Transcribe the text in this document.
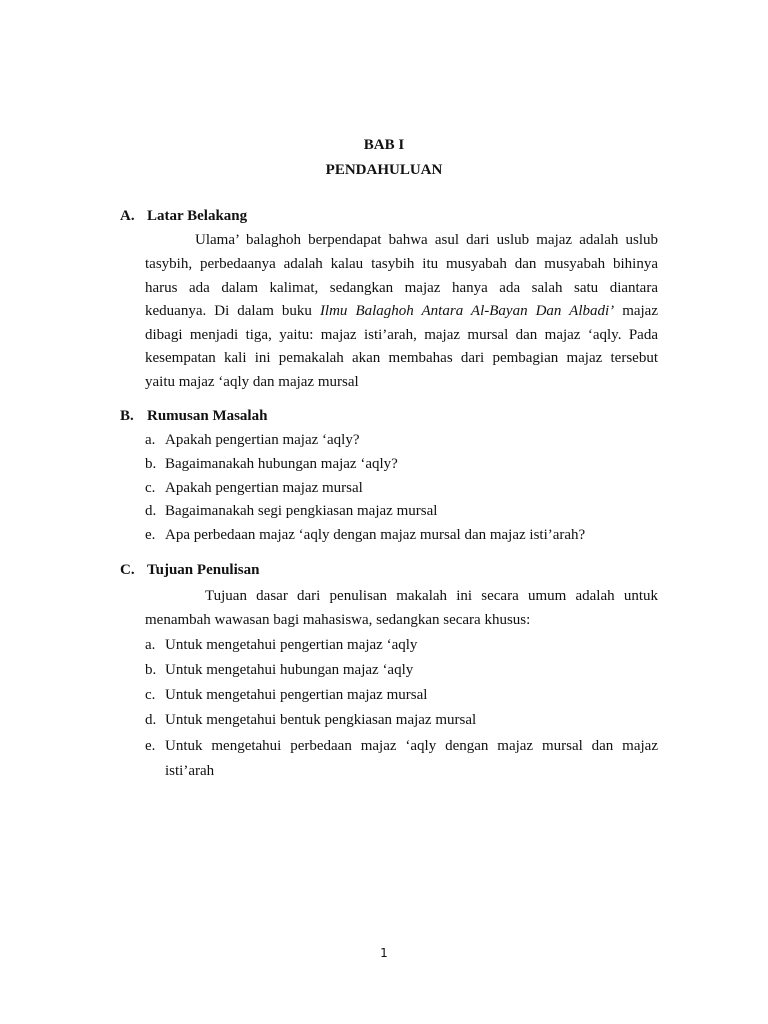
BAB I
PENDAHULUAN
A. Latar Belakang
Ulama’ balaghoh berpendapat bahwa asul dari uslub majaz adalah uslub
tasybih, perbedaanya adalah kalau tasybih itu musyabah dan musyabah bihinya
harus ada dalam kalimat, sedangkan majaz hanya ada salah satu diantara
keduanya. Di dalam buku Ilmu Balaghoh Antara Al-Bayan Dan Albadi’ majaz
dibagi menjadi tiga, yaitu: majaz isti’arah, majaz mursal dan majaz ‘aqly. Pada
kesempatan kali ini pemakalah akan membahas dari pembagian majaz tersebut
yaitu majaz ‘aqly dan majaz mursal
B. Rumusan Masalah
a. Apakah pengertian majaz ‘aqly?
b. Bagaimanakah hubungan majaz ‘aqly?
c. Apakah pengertian majaz mursal
d. Bagaimanakah segi pengkiasan majaz mursal
e. Apa perbedaan majaz ‘aqly dengan majaz mursal dan majaz isti’arah?
C. Tujuan Penulisan
Tujuan dasar dari penulisan makalah ini secara umum adalah untuk
menambah wawasan bagi mahasiswa, sedangkan secara khusus:
a. Untuk mengetahui pengertian majaz ‘aqly
b. Untuk mengetahui hubungan majaz ‘aqly
c. Untuk mengetahui pengertian majaz mursal
d. Untuk mengetahui bentuk pengkiasan majaz mursal
e. Untuk mengetahui perbedaan majaz ‘aqly dengan majaz mursal dan majaz
isti’arah
1
